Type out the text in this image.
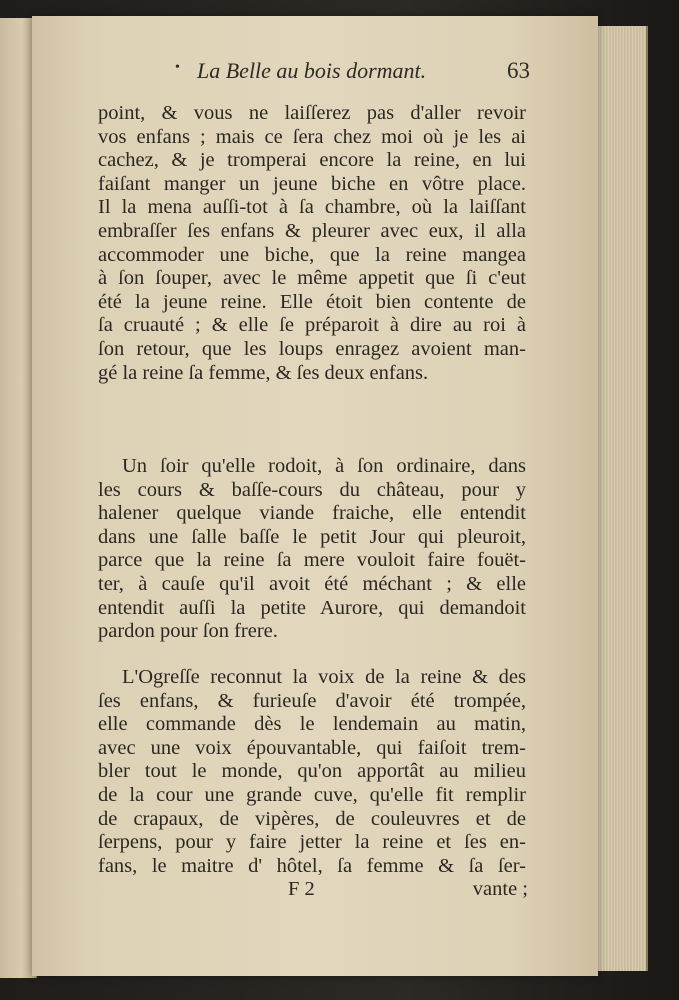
• La Belle au bois dormant.	63
point, & vous ne laiſſerez pas d'aller revoir
vos enfans ; mais ce ſera chez moi où je les ai
cachez, & je tromperai encore la reine, en lui
faiſant manger un jeune biche en vôtre place.
Il la mena auſſi-tot à ſa chambre, où la laiſſant
embraſſer ſes enfans & pleurer avec eux, il alla
accommoder une biche, que la reine mangea
à ſon ſouper, avec le même appetit que ſi c'eut
été la jeune reine. Elle étoit bien contente de
ſa cruauté ; & elle ſe préparoit à dire au roi à
ſon retour, que les loups enragez avoient man-
gé la reine ſa femme, & ſes deux enfans.
Un ſoir qu'elle rodoit, à ſon ordinaire, dans
les cours & baſſe-cours du château, pour y
halener quelque viande fraiche, elle entendit
dans une ſalle baſſe le petit Jour qui pleuroit,
parce que la reine ſa mere vouloit faire fouët-
ter, à cauſe qu'il avoit été méchant ; & elle
entendit auſſi la petite Aurore, qui demandoit
pardon pour ſon frere.
L'Ogreſſe reconnut la voix de la reine & des
ſes enfans, & furieuſe d'avoir été trompée,
elle commande dès le lendemain au matin,
avec une voix épouvantable, qui faiſoit trem-
bler tout le monde, qu'on apportât au milieu
de la cour une grande cuve, qu'elle fit remplir
de crapaux, de vipères, de couleuvres et de
ſerpens, pour y faire jetter la reine et ſes en-
fans, le maitre d' hôtel, ſa femme & ſa ſer-
F 2	vante ;
